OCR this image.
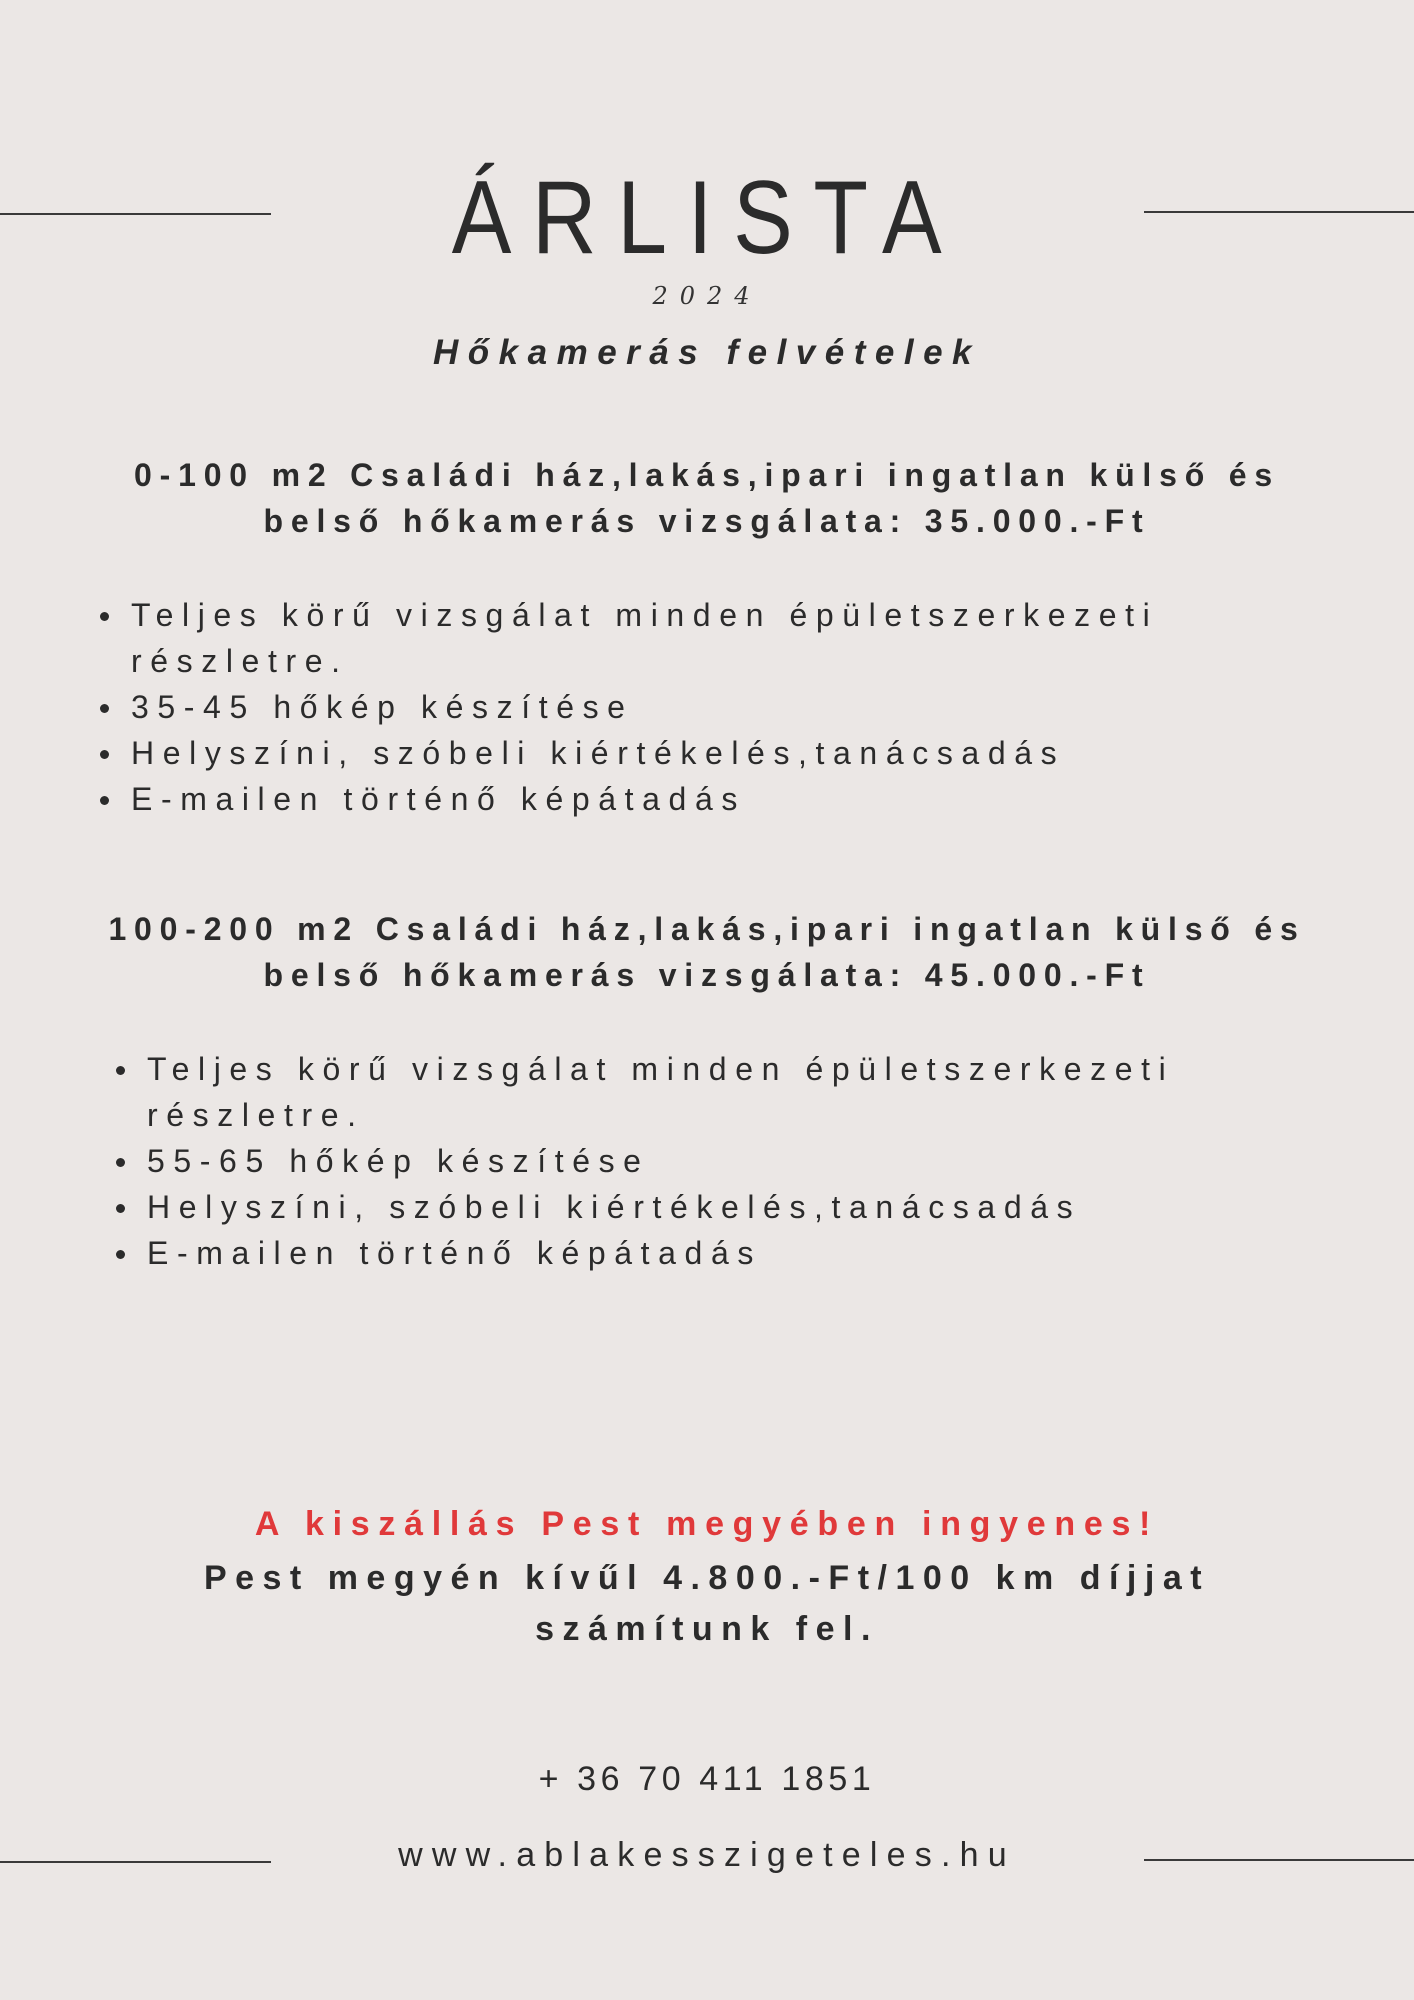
ÁRLISTA
2024
Hőkamerás felvételek
0-100 m2 Családi ház,lakás,ipari ingatlan külső és
belső hőkamerás vizsgálata: 35.000.-Ft
Teljes körű vizsgálat minden épületszerkezeti részletre.
35-45 hőkép készítése
Helyszíni, szóbeli kiértékelés,tanácsadás
E-mailen történő képátadás
100-200 m2 Családi ház,lakás,ipari ingatlan külső és
belső hőkamerás vizsgálata: 45.000.-Ft
Teljes körű vizsgálat minden épületszerkezeti részletre.
55-65 hőkép készítése
Helyszíni, szóbeli kiértékelés,tanácsadás
E-mailen történő képátadás
A kiszállás Pest megyében ingyenes!
Pest megyén kívűl 4.800.-Ft/100 km díjjat számítunk fel.
+ 36 70 411 1851
www.ablakesszigeteles.hu
